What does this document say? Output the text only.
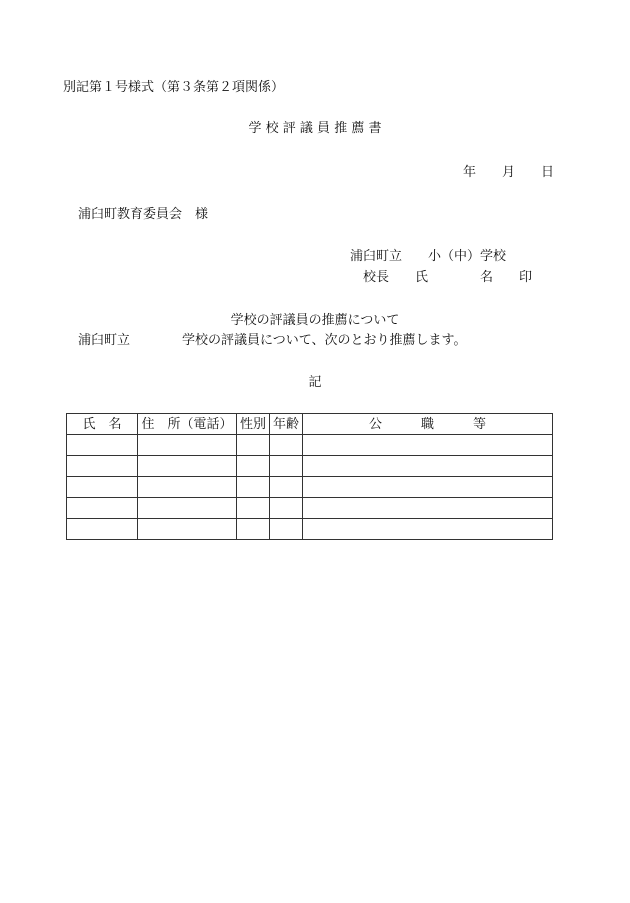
別記第１号様式（第３条第２項関係）
学 校 評 議 員 推 薦 書
年　　月　　日
浦臼町教育委員会　様
浦臼町立　　小（中）学校
校長　　氏　　　　名　　印
学校の評議員の推薦について
浦臼町立　　　　学校の評議員について、次のとおり推薦します。
記
氏　名	住　所（電話）	性別	年齢	公　　　職　　　等
